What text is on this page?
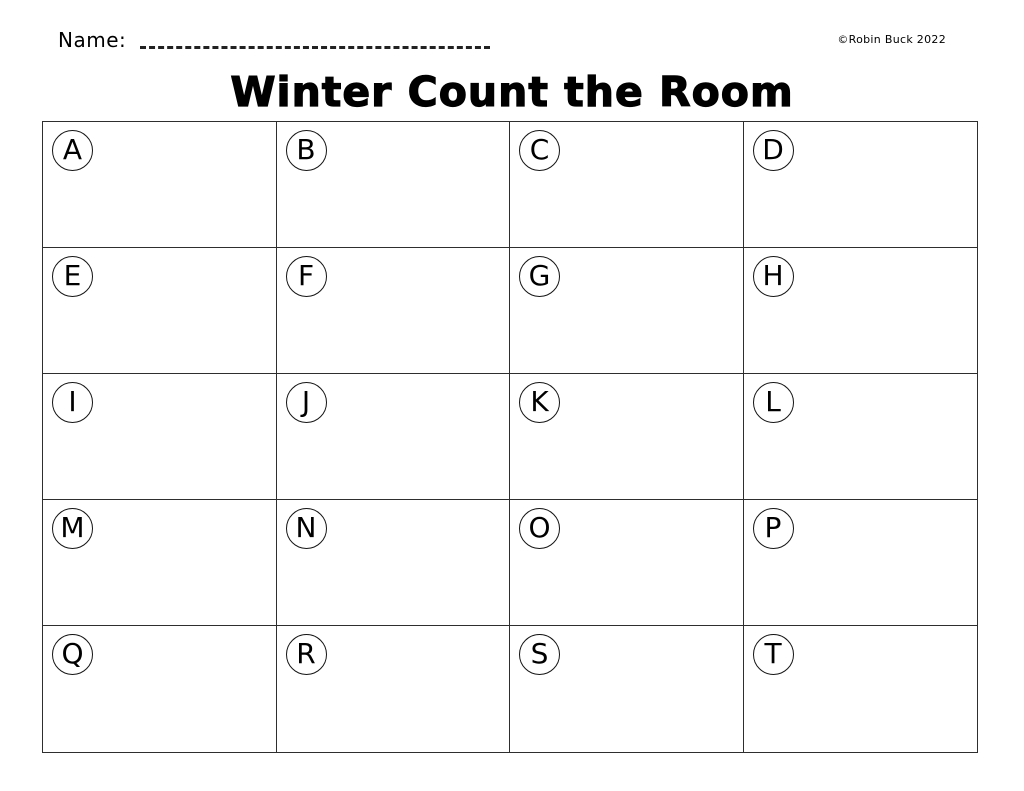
Name:	©Robin Buck 2022
Winter Count the Room
A	B	C	D
E	F	G	H
I	J	K	L
M	N	O	P
Q	R	S	T
